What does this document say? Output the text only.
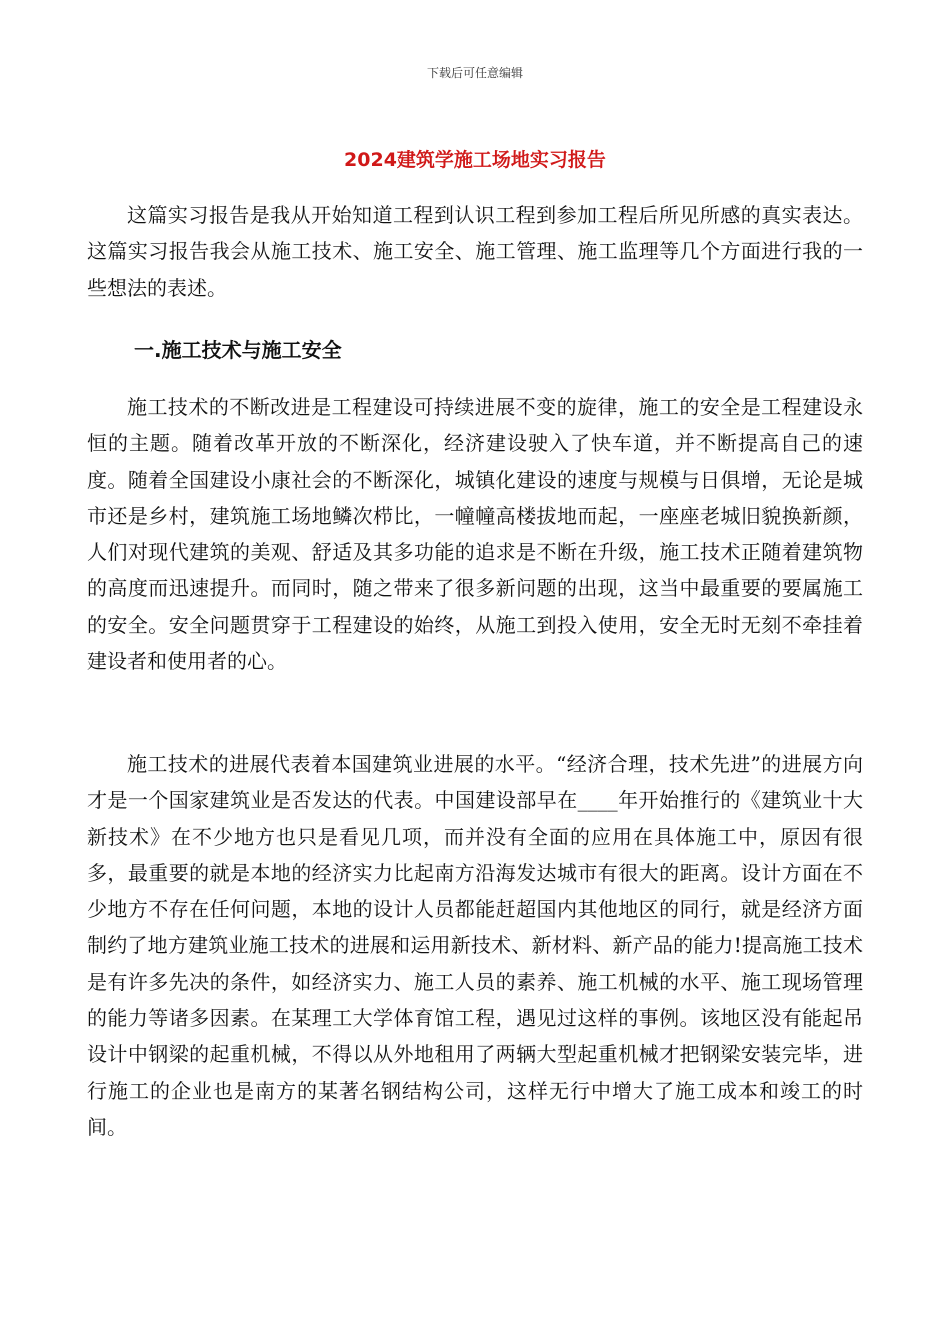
下载后可任意编辑
2024建筑学施工场地实习报告

这篇实习报告是我从开始知道工程到认识工程到参加工程后所见所感的真实表达。这篇实习报告我会从施工技术、施工安全、施工管理、施工监理等几个方面进行我的一些想法的表述。

一.施工技术与施工安全

施工技术的不断改进是工程建设可持续进展不变的旋律，施工的安全是工程建设永恒的主题。随着改革开放的不断深化，经济建设驶入了快车道，并不断提高自己的速度。随着全国建设小康社会的不断深化，城镇化建设的速度与规模与日俱增，无论是城市还是乡村，建筑施工场地鳞次栉比，一幢幢高楼拔地而起，一座座老城旧貌换新颜，人们对现代建筑的美观、舒适及其多功能的追求是不断在升级，施工技术正随着建筑物的高度而迅速提升。而同时，随之带来了很多新问题的出现，这当中最重要的要属施工的安全。安全问题贯穿于工程建设的始终，从施工到投入使用，安全无时无刻不牵挂着建设者和使用者的心。

施工技术的进展代表着本国建筑业进展的水平。“经济合理，技术先进”的进展方向才是一个国家建筑业是否发达的代表。中国建设部早在____年开始推行的《建筑业十大新技术》在不少地方也只是看见几项，而并没有全面的应用在具体施工中，原因有很多，最重要的就是本地的经济实力比起南方沿海发达城市有很大的距离。设计方面在不少地方不存在任何问题，本地的设计人员都能赶超国内其他地区的同行，就是经济方面制约了地方建筑业施工技术的进展和运用新技术、新材料、新产品的能力!提高施工技术是有许多先决的条件，如经济实力、施工人员的素养、施工机械的水平、施工现场管理的能力等诸多因素。在某理工大学体育馆工程，遇见过这样的事例。该地区没有能起吊设计中钢梁的起重机械，不得以从外地租用了两辆大型起重机械才把钢梁安装完毕，进行施工的企业也是南方的某著名钢结构公司，这样无行中增大了施工成本和竣工的时间。
